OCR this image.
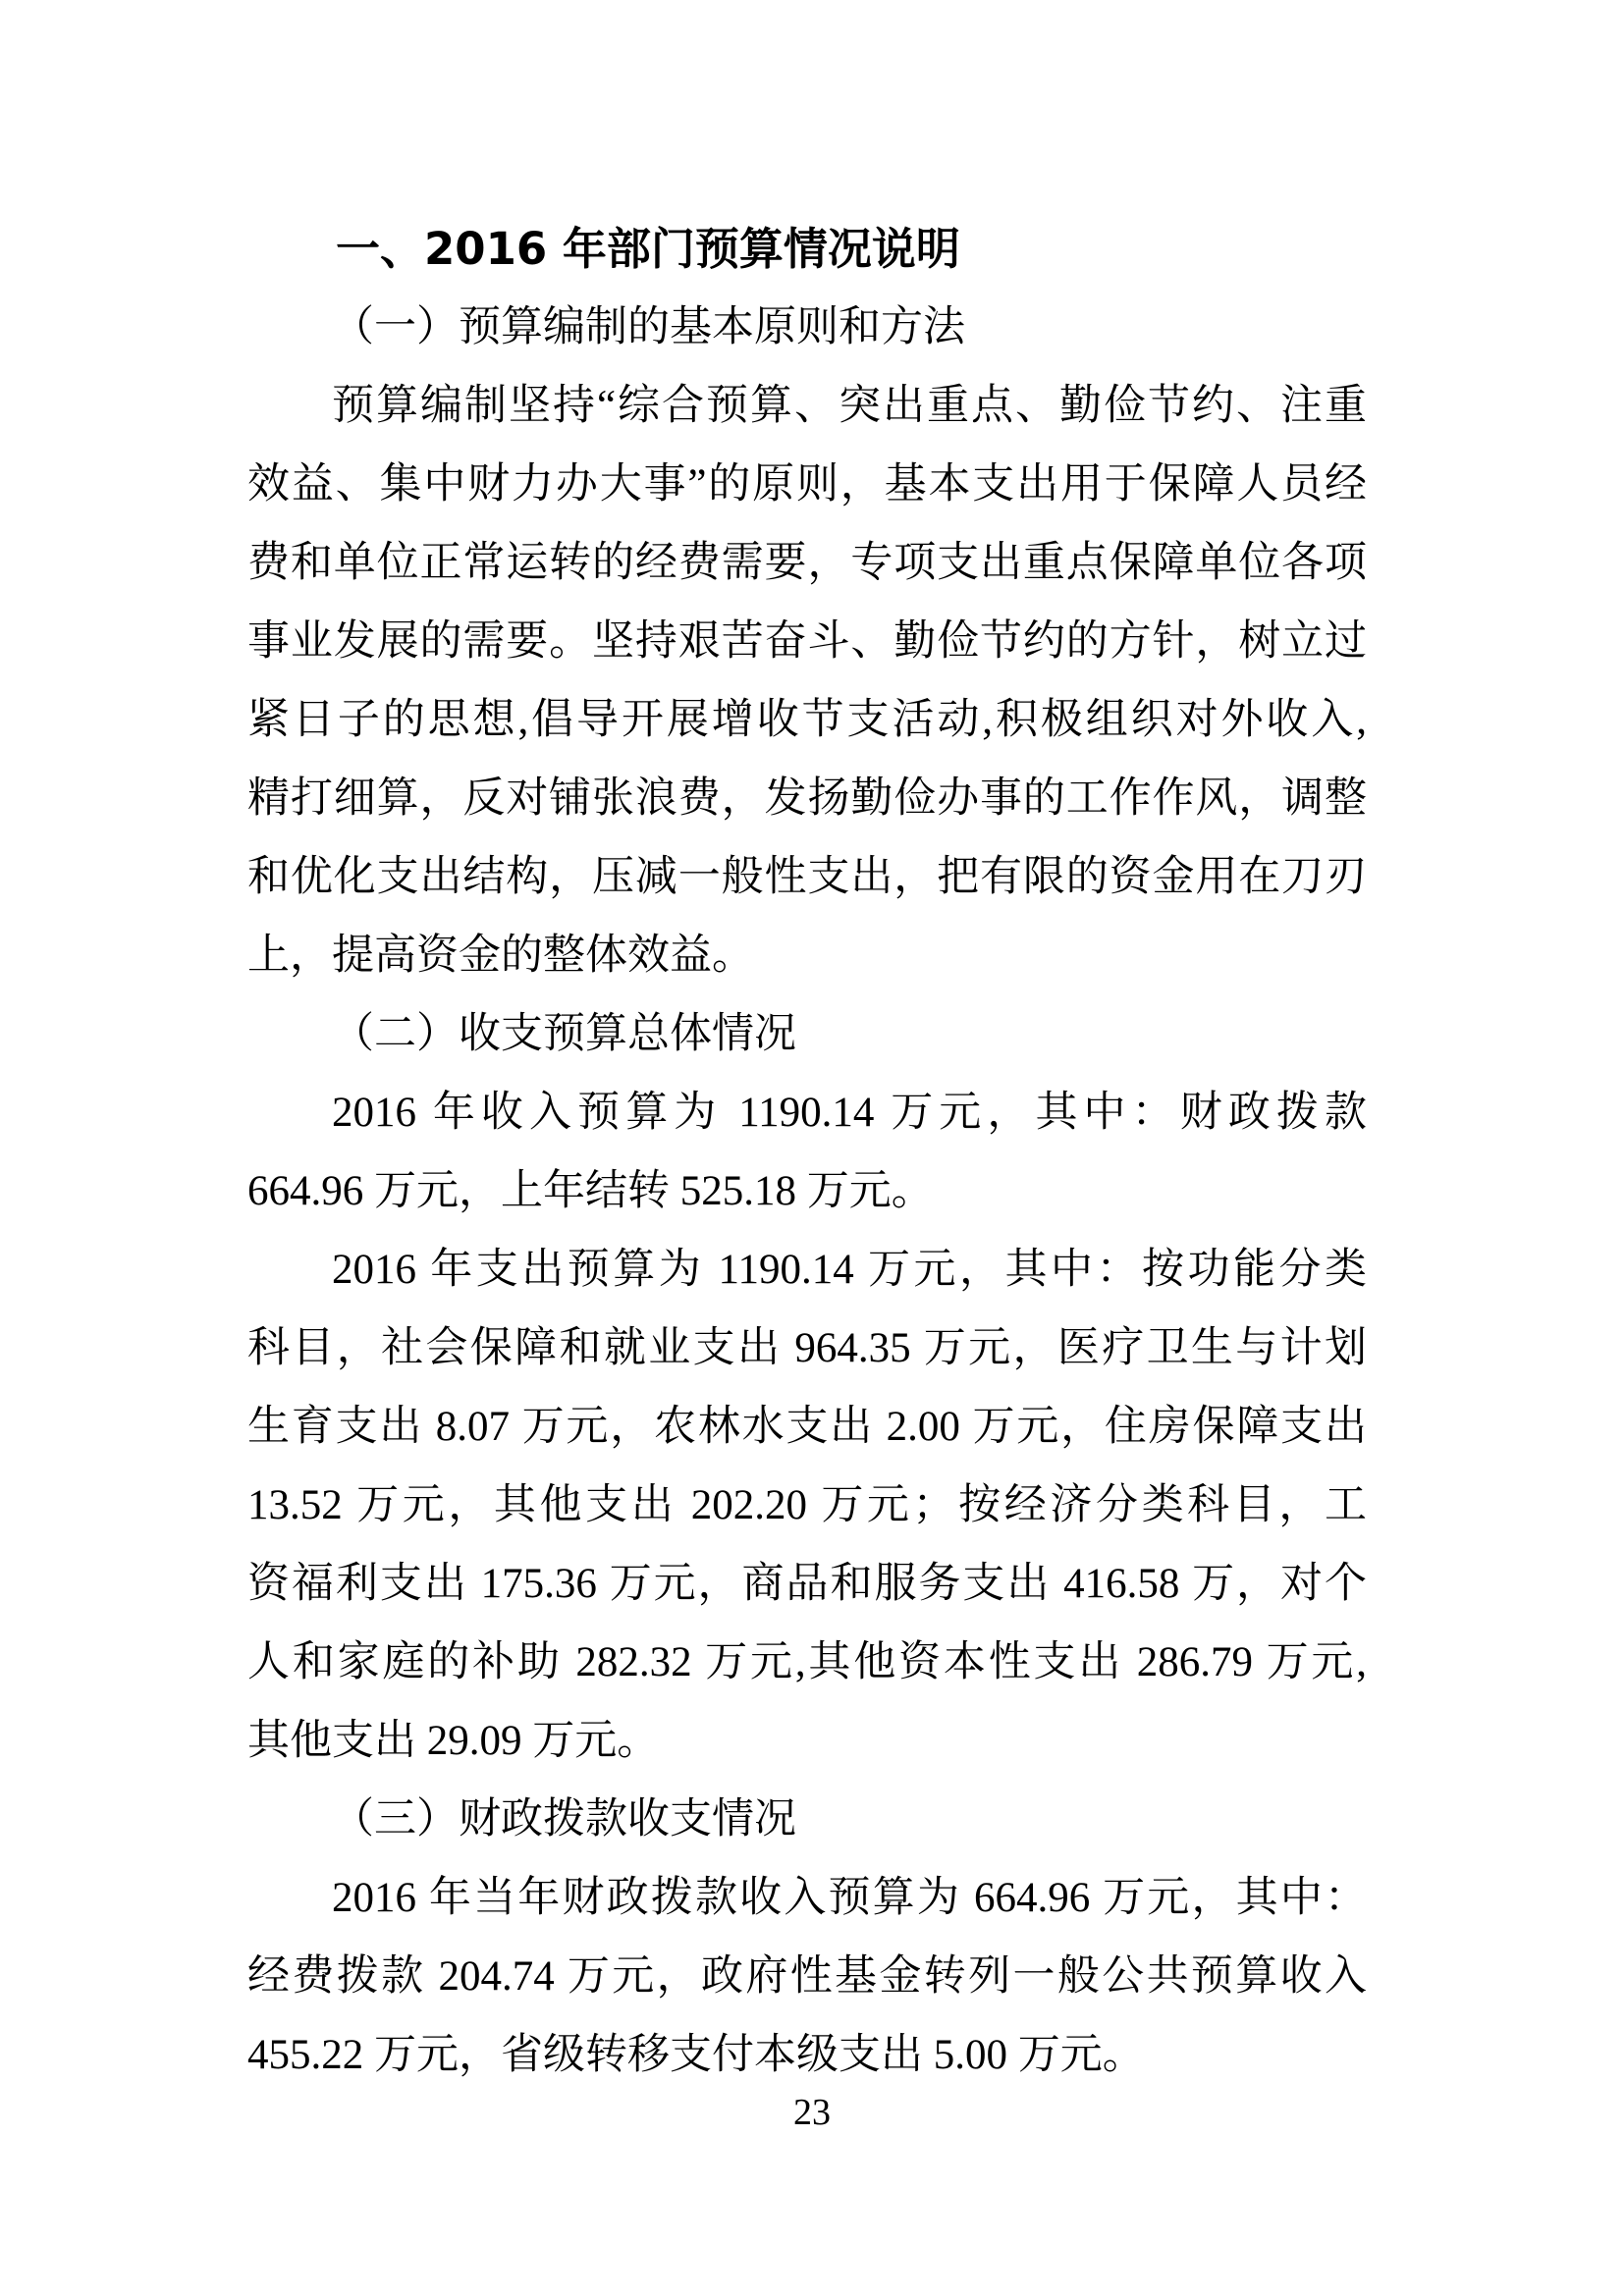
一、2016 年部门预算情况说明
（一）预算编制的基本原则和方法
预算编制坚持“综合预算、突出重点、勤俭节约、注重
效益、集中财力办大事”的原则，基本支出用于保障人员经
费和单位正常运转的经费需要，专项支出重点保障单位各项
事业发展的需要。坚持艰苦奋斗、勤俭节约的方针，树立过
紧日子的思想,倡导开展增收节支活动,积极组织对外收入,
精打细算，反对铺张浪费，发扬勤俭办事的工作作风，调整
和优化支出结构，压减一般性支出，把有限的资金用在刀刃
上，提高资金的整体效益。
（二）收支预算总体情况
2016 年收入预算为 1190.14 万元，其中：财政拨款
664.96 万元，上年结转 525.18 万元。
2016 年支出预算为 1190.14 万元，其中：按功能分类
科目，社会保障和就业支出 964.35 万元，医疗卫生与计划
生育支出 8.07 万元，农林水支出 2.00 万元，住房保障支出
13.52 万元，其他支出 202.20 万元；按经济分类科目，工
资福利支出 175.36 万元，商品和服务支出 416.58 万，对个
人和家庭的补助 282.32 万元,其他资本性支出 286.79 万元,
其他支出 29.09 万元。
（三）财政拨款收支情况
2016 年当年财政拨款收入预算为 664.96 万元，其中：
经费拨款 204.74 万元，政府性基金转列一般公共预算收入
455.22 万元，省级转移支付本级支出 5.00 万元。
23
